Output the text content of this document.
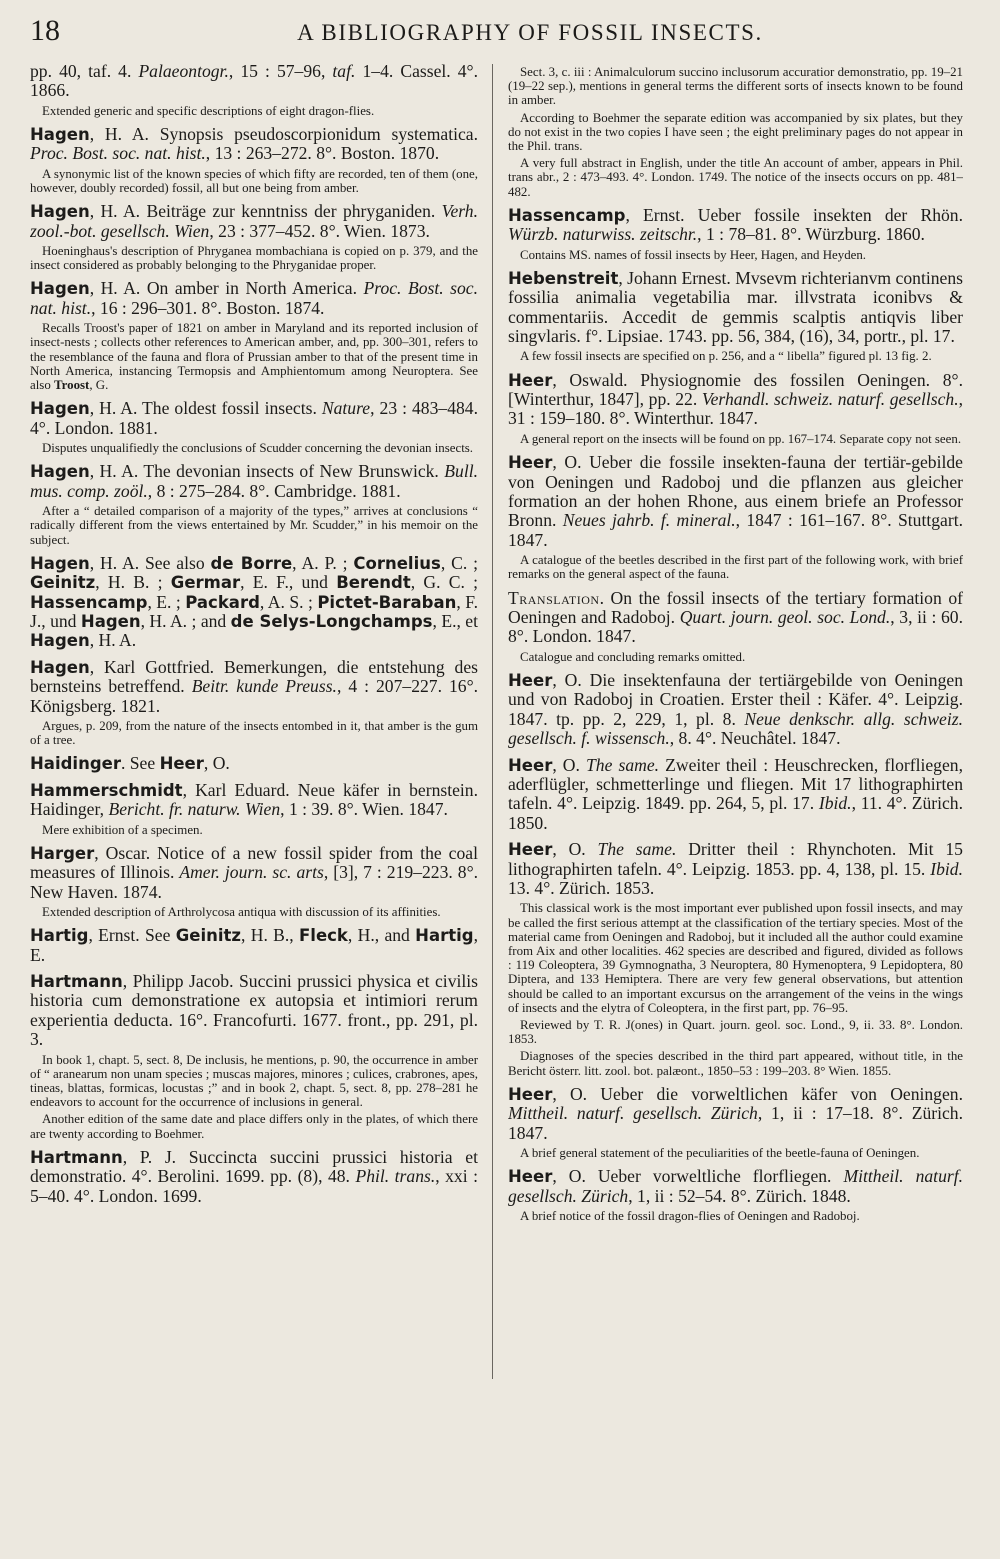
18	A BIBLIOGRAPHY OF FOSSIL INSECTS.

pp. 40, taf. 4. Palaeontogr., 15 : 57–96, taf. 1–4. Cassel. 4°. 1866.

Extended generic and specific descriptions of eight dragon-flies.

Hagen, H. A. Synopsis pseudoscorpionidum systematica. Proc. Bost. soc. nat. hist., 13 : 263–272. 8°. Boston. 1870.

A synonymic list of the known species of which fifty are recorded, ten of them (one, however, doubly recorded) fossil, all but one being from amber.

Hagen, H. A. Beiträge zur kenntniss der phryganiden. Verh. zool.-bot. gesellsch. Wien, 23 : 377–452. 8°. Wien. 1873.

Hoeninghaus's description of Phryganea mombachiana is copied on p. 379, and the insect considered as probably belonging to the Phryganidae proper.

Hagen, H. A. On amber in North America. Proc. Bost. soc. nat. hist., 16 : 296–301. 8°. Boston. 1874.

Recalls Troost's paper of 1821 on amber in Maryland and its reported inclusion of insect-nests ; collects other references to American amber, and, pp. 300–301, refers to the resemblance of the fauna and flora of Prussian amber to that of the present time in North America, instancing Termopsis and Amphientomum among Neuroptera. See also Troost, G.

Hagen, H. A. The oldest fossil insects. Nature, 23 : 483–484. 4°. London. 1881.

Disputes unqualifiedly the conclusions of Scudder concerning the devonian insects.

Hagen, H. A. The devonian insects of New Brunswick. Bull. mus. comp. zoöl., 8 : 275–284. 8°. Cambridge. 1881.

After a “ detailed comparison of a majority of the types,” arrives at conclusions “ radically different from the views entertained by Mr. Scudder,” in his memoir on the subject.

Hagen, H. A. See also de Borre, A. P. ; Cornelius, C. ; Geinitz, H. B. ; Germar, E. F., und Berendt, G. C. ; Hassencamp, E. ; Packard, A. S. ; Pictet-Baraban, F. J., und Hagen, H. A. ; and de Selys-Longchamps, E., et Hagen, H. A.

Hagen, Karl Gottfried. Bemerkungen, die entstehung des bernsteins betreffend. Beitr. kunde Preuss., 4 : 207–227. 16°. Königsberg. 1821.

Argues, p. 209, from the nature of the insects entombed in it, that amber is the gum of a tree.

Haidinger. See Heer, O.

Hammerschmidt, Karl Eduard. Neue käfer in bernstein. Haidinger, Bericht. fr. naturw. Wien, 1 : 39. 8°. Wien. 1847.

Mere exhibition of a specimen.

Harger, Oscar. Notice of a new fossil spider from the coal measures of Illinois. Amer. journ. sc. arts, [3], 7 : 219–223. 8°. New Haven. 1874.

Extended description of Arthrolycosa antiqua with discussion of its affinities.

Hartig, Ernst. See Geinitz, H. B., Fleck, H., and Hartig, E.

Hartmann, Philipp Jacob. Succini prussici physica et civilis historia cum demonstratione ex autopsia et intimiori rerum experientia deducta. 16°. Francofurti. 1677. front., pp. 291, pl. 3.

In book 1, chapt. 5, sect. 8, De inclusis, he mentions, p. 90, the occurrence in amber of “ aranearum non unam species ; muscas majores, minores ; culices, crabrones, apes, tineas, blattas, formicas, locustas ;” and in book 2, chapt. 5, sect. 8, pp. 278–281 he endeavors to account for the occurrence of inclusions in general.

Another edition of the same date and place differs only in the plates, of which there are twenty according to Boehmer.

Hartmann, P. J. Succincta succini prussici historia et demonstratio. 4°. Berolini. 1699. pp. (8), 48. Phil. trans., xxi : 5–40. 4°. London. 1699.

Sect. 3, c. iii : Animalculorum succino inclusorum accuratior demonstratio, pp. 19–21 (19–22 sep.), mentions in general terms the different sorts of insects known to be found in amber.

According to Boehmer the separate edition was accompanied by six plates, but they do not exist in the two copies I have seen ; the eight preliminary pages do not appear in the Phil. trans.

A very full abstract in English, under the title An account of amber, appears in Phil. trans abr., 2 : 473–493. 4°. London. 1749. The notice of the insects occurs on pp. 481–482.

Hassencamp, Ernst. Ueber fossile insekten der Rhön. Würzb. naturwiss. zeitschr., 1 : 78–81. 8°. Würzburg. 1860.

Contains MS. names of fossil insects by Heer, Hagen, and Heyden.

Hebenstreit, Johann Ernest. Mvsevm richterianvm continens fossilia animalia vegetabilia mar. illvstrata iconibvs & commentariis. Accedit de gemmis scalptis antiqvis liber singvlaris. f°. Lipsiae. 1743. pp. 56, 384, (16), 34, portr., pl. 17.

A few fossil insects are specified on p. 256, and a “ libella” figured pl. 13 fig. 2.

Heer, Oswald. Physiognomie des fossilen Oeningen. 8°. [Winterthur, 1847], pp. 22. Verhandl. schweiz. naturf. gesellsch., 31 : 159–180. 8°. Winterthur. 1847.

A general report on the insects will be found on pp. 167–174. Separate copy not seen.

Heer, O. Ueber die fossile insekten-fauna der tertiär-gebilde von Oeningen und Radoboj und die pflanzen aus gleicher formation an der hohen Rhone, aus einem briefe an Professor Bronn. Neues jahrb. f. mineral., 1847 : 161–167. 8°. Stuttgart. 1847.

A catalogue of the beetles described in the first part of the following work, with brief remarks on the general aspect of the fauna.

Translation. On the fossil insects of the tertiary formation of Oeningen and Radoboj. Quart. journ. geol. soc. Lond., 3, ii : 60. 8°. London. 1847.

Catalogue and concluding remarks omitted.

Heer, O. Die insektenfauna der tertiärgebilde von Oeningen und von Radoboj in Croatien. Erster theil : Käfer. 4°. Leipzig. 1847. tp. pp. 2, 229, 1, pl. 8. Neue denkschr. allg. schweiz. gesellsch. f. wissensch., 8. 4°. Neuchâtel. 1847.

Heer, O. The same. Zweiter theil : Heuschrecken, florfliegen, aderflügler, schmetterlinge und fliegen. Mit 17 lithographirten tafeln. 4°. Leipzig. 1849. pp. 264, 5, pl. 17. Ibid., 11. 4°. Zürich. 1850.

Heer, O. The same. Dritter theil : Rhynchoten. Mit 15 lithographirten tafeln. 4°. Leipzig. 1853. pp. 4, 138, pl. 15. Ibid. 13. 4°. Zürich. 1853.

This classical work is the most important ever published upon fossil insects, and may be called the first serious attempt at the classification of the tertiary species. Most of the material came from Oeningen and Radoboj, but it included all the author could examine from Aix and other localities. 462 species are described and figured, divided as follows : 119 Coleoptera, 39 Gymnognatha, 3 Neuroptera, 80 Hymenoptera, 9 Lepidoptera, 80 Diptera, and 133 Hemiptera. There are very few general observations, but attention should be called to an important excursus on the arrangement of the veins in the wings of insects and the elytra of Coleoptera, in the first part, pp. 76–95.

Reviewed by T. R. J(ones) in Quart. journ. geol. soc. Lond., 9, ii. 33. 8°. London. 1853.

Diagnoses of the species described in the third part appeared, without title, in the Bericht österr. litt. zool. bot. palæont., 1850–53 : 199–203. 8° Wien. 1855.

Heer, O. Ueber die vorweltlichen käfer von Oeningen. Mittheil. naturf. gesellsch. Zürich, 1, ii : 17–18. 8°. Zürich. 1847.

A brief general statement of the peculiarities of the beetle-fauna of Oeningen.

Heer, O. Ueber vorweltliche florfliegen. Mittheil. naturf. gesellsch. Zürich, 1, ii : 52–54. 8°. Zürich. 1848.

A brief notice of the fossil dragon-flies of Oeningen and Radoboj.
